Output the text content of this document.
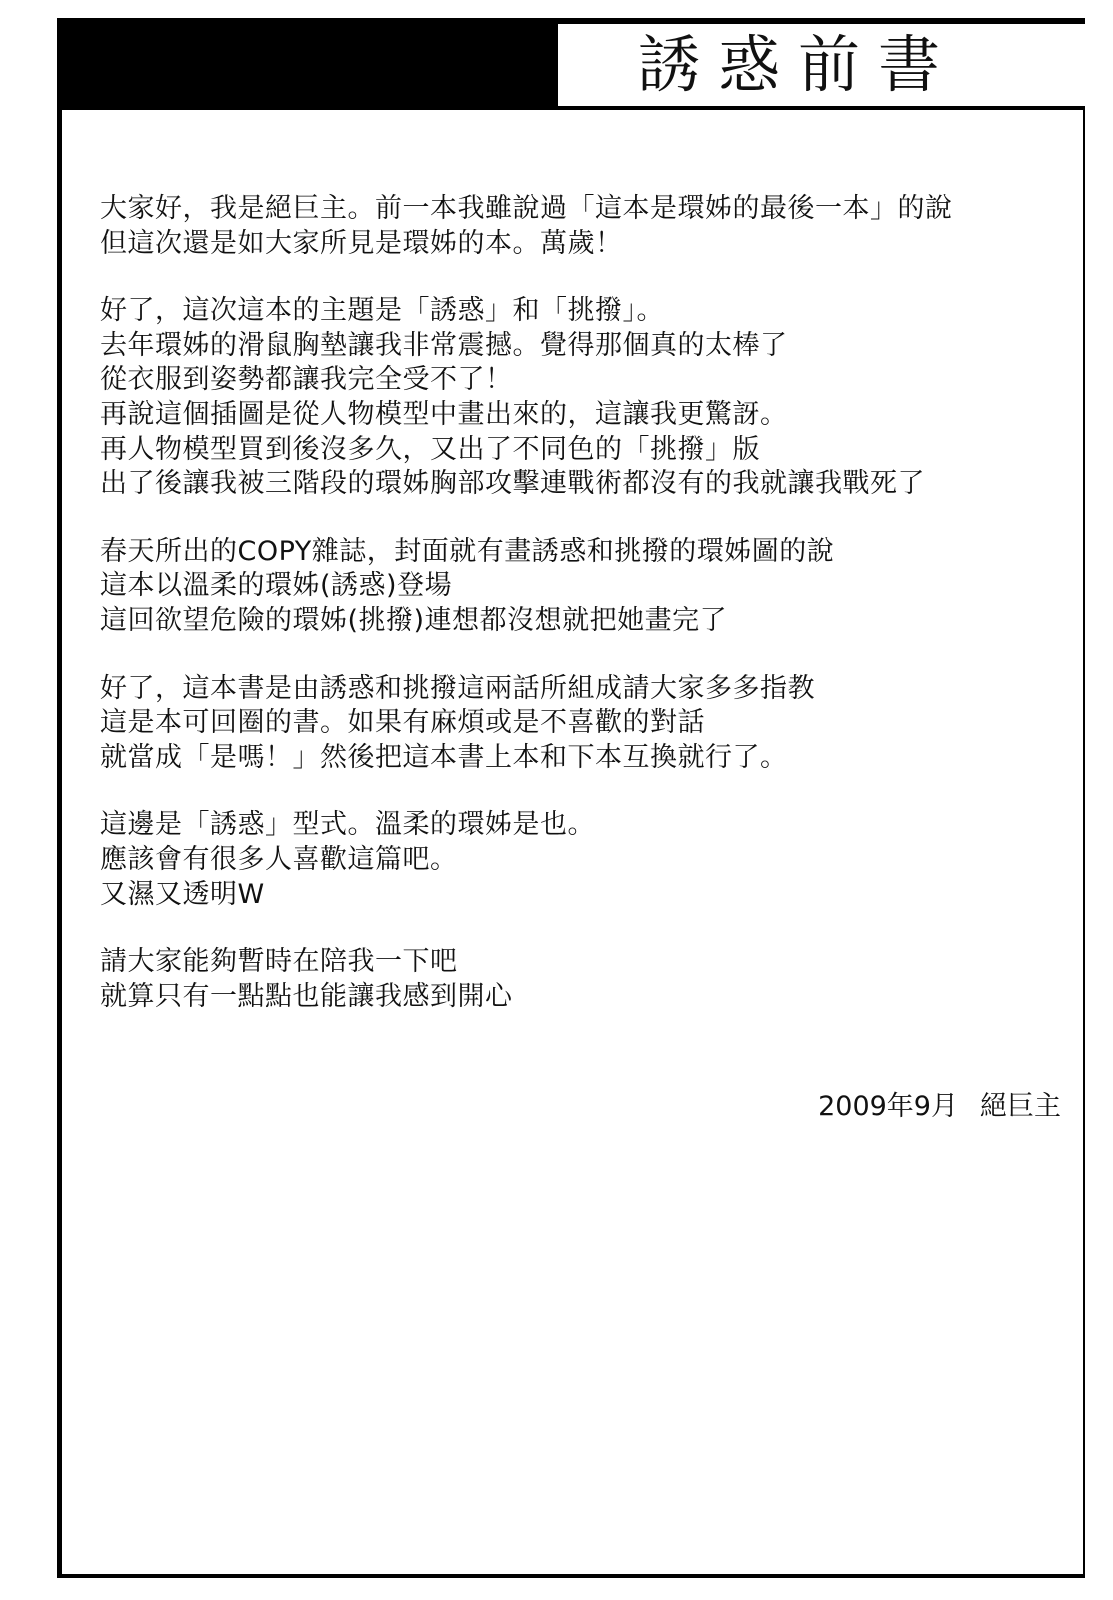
誘惑前書
大家好，我是絕巨主。前一本我雖說過「這本是環姊的最後一本」的說
但這次還是如大家所見是環姊的本。萬歲！
好了，這次這本的主題是「誘惑」和「挑撥」。
去年環姊的滑鼠胸墊讓我非常震撼。覺得那個真的太棒了
從衣服到姿勢都讓我完全受不了！
再說這個插圖是從人物模型中畫出來的，這讓我更驚訝。
再人物模型買到後沒多久，又出了不同色的「挑撥」版
出了後讓我被三階段的環姊胸部攻擊連戰術都沒有的我就讓我戰死了
春天所出的COPY雜誌，封面就有畫誘惑和挑撥的環姊圖的說
這本以溫柔的環姊(誘惑)登場
這回欲望危險的環姊(挑撥)連想都沒想就把她畫完了
好了，這本書是由誘惑和挑撥這兩話所組成請大家多多指教
這是本可回圈的書。如果有麻煩或是不喜歡的對話
就當成「是嗎！」然後把這本書上本和下本互換就行了。
這邊是「誘惑」型式。溫柔的環姊是也。
應該會有很多人喜歡這篇吧。
又濕又透明W
請大家能夠暫時在陪我一下吧
就算只有一點點也能讓我感到開心
2009年9月 絕巨主
